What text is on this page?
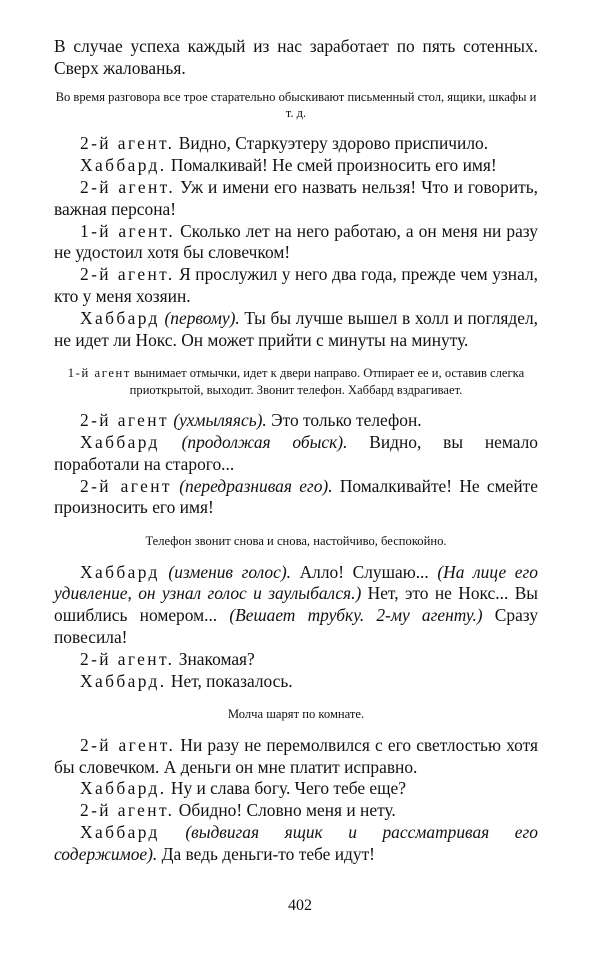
В случае успеха каждый из нас заработает по пять сотенных. Сверх жалованья.

Во время разговора все трое старательно обыскивают письменный стол, ящики, шкафы и т. д.

2-й агент. Видно, Старкуэтеру здорово приспичило.

Хаббард. Помалкивай! Не смей произносить его имя!

2-й агент. Уж и имени его назвать нельзя! Что и говорить, важная персона!

1-й агент. Сколько лет на него работаю, а он меня ни разу не удостоил хотя бы словечком!

2-й агент. Я прослужил у него два года, прежде чем узнал, кто у меня хозяин.

Хаббард (первому). Ты бы лучше вышел в холл и поглядел, не идет ли Нокс. Он может прийти с минуты на минуту.

1-й агент вынимает отмычки, идет к двери направо. Отпирает ее и, оставив слегка приоткрытой, выходит. Звонит телефон. Хаббард вздрагивает.

2-й агент (ухмыляясь). Это только телефон.

Хаббард (продолжая обыск). Видно, вы немало поработали на старого...

2-й агент (передразнивая его). Помалкивайте! Не смейте произносить его имя!

Телефон звонит снова и снова, настойчиво, беспокойно.

Хаббард (изменив голос). Алло! Слушаю... (На лице его удивление, он узнал голос и заулыбался.) Нет, это не Нокс... Вы ошиблись номером... (Вешает трубку. 2-му агенту.) Сразу повесила!

2-й агент. Знакомая?

Хаббард. Нет, показалось.

Молча шарят по комнате.

2-й агент. Ни разу не перемолвился с его светлостью хотя бы словечком. А деньги он мне платит исправно.

Хаббард. Ну и слава богу. Чего тебе еще?

2-й агент. Обидно! Словно меня и нету.

Хаббард (выдвигая ящик и рассматривая его содержимое). Да ведь деньги-то тебе идут!

402
